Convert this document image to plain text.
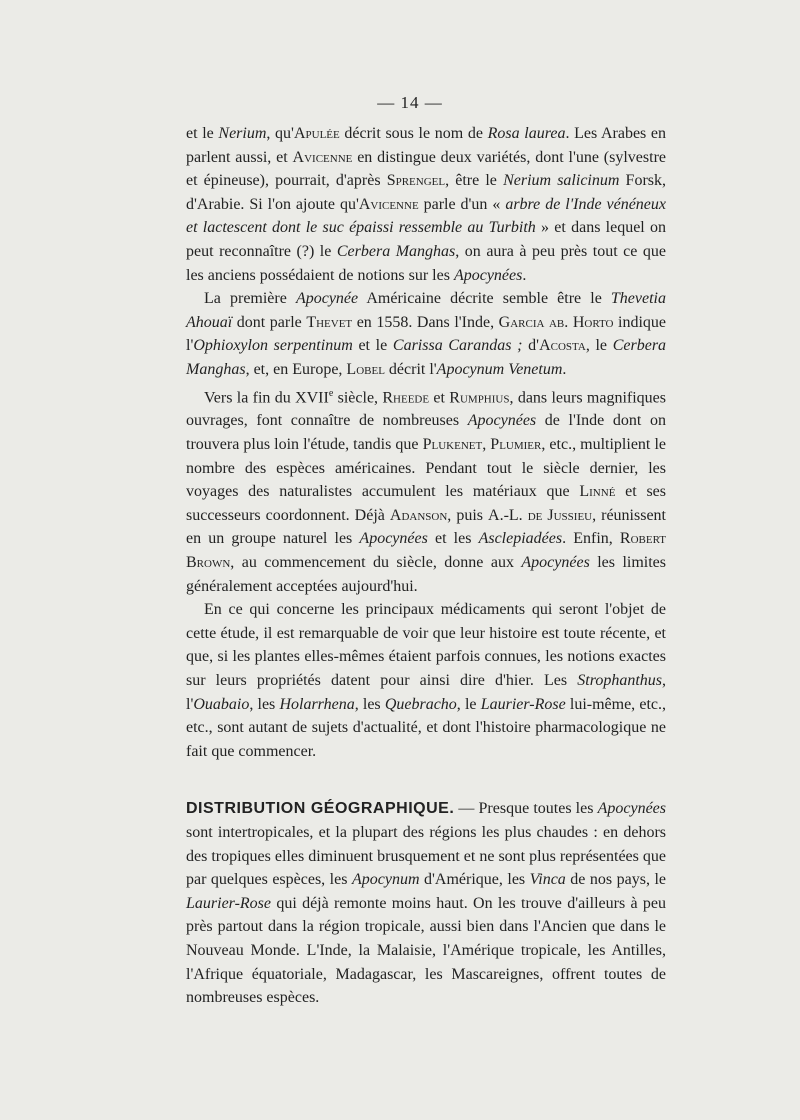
— 14 —

et le Nerium, qu'Apulée décrit sous le nom de Rosa laurea. Les Arabes en parlent aussi, et Avicenne en distingue deux variétés, dont l'une (sylvestre et épineuse), pourrait, d'après Sprengel, être le Nerium salicinum Forsk, d'Arabie. Si l'on ajoute qu'Avicenne parle d'un « arbre de l'Inde vénéneux et lactescent dont le suc épaissi ressemble au Turbith » et dans lequel on peut reconnaître (?) le Cerbera Manghas, on aura à peu près tout ce que les anciens possédaient de notions sur les Apocynées.

La première Apocynée Américaine décrite semble être le Thevetia Ahouaï dont parle Thevet en 1558. Dans l'Inde, Garcia ab. Horto indique l'Ophioxylon serpentinum et le Carissa Carandas ; d'Acosta, le Cerbera Manghas, et, en Europe, Lobel décrit l'Apocynum Venetum.

Vers la fin du XVIIe siècle, Rheede et Rumphius, dans leurs magnifiques ouvrages, font connaître de nombreuses Apocynées de l'Inde dont on trouvera plus loin l'étude, tandis que Plukenet, Plumier, etc., multiplient le nombre des espèces américaines. Pendant tout le siècle dernier, les voyages des naturalistes accumulent les matériaux que Linné et ses successeurs coordonnent. Déjà Adanson, puis A.-L. de Jussieu, réunissent en un groupe naturel les Apocynées et les Asclepiadées. Enfin, Robert Brown, au commencement du siècle, donne aux Apocynées les limites généralement acceptées aujourd'hui.

En ce qui concerne les principaux médicaments qui seront l'objet de cette étude, il est remarquable de voir que leur histoire est toute récente, et que, si les plantes elles-mêmes étaient parfois connues, les notions exactes sur leurs propriétés datent pour ainsi dire d'hier. Les Strophanthus, l'Ouabaio, les Holarrhena, les Quebracho, le Laurier-Rose lui-même, etc., etc., sont autant de sujets d'actualité, et dont l'histoire pharmacologique ne fait que commencer.

DISTRIBUTION GÉOGRAPHIQUE. — Presque toutes les Apocynées sont intertropicales, et la plupart des régions les plus chaudes : en dehors des tropiques elles diminuent brusquement et ne sont plus représentées que par quelques espèces, les Apocynum d'Amérique, les Vinca de nos pays, le Laurier-Rose qui déjà remonte moins haut. On les trouve d'ailleurs à peu près partout dans la région tropicale, aussi bien dans l'Ancien que dans le Nouveau Monde. L'Inde, la Malaisie, l'Amérique tropicale, les Antilles, l'Afrique équatoriale, Madagascar, les Mascareignes, offrent toutes de nombreuses espèces.
